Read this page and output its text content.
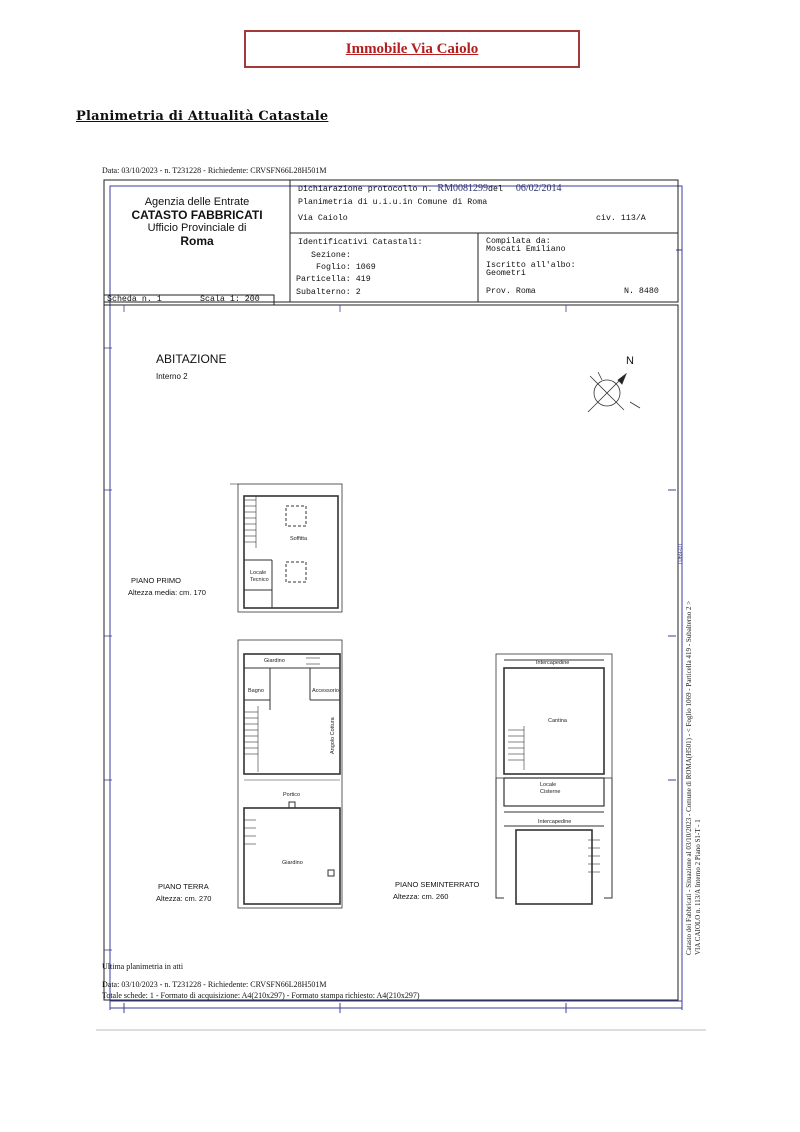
Immobile Via Caiolo
Planimetria di Attualità Catastale
Data: 03/10/2023 - n. T231228 - Richiedente: CRVSFN66L28H501M
Soffitta
Locale
Tecnico
Giardino
Bagno	Accessorio
Angolo Cottura
Portico
Giardino
Intercapedine
Cantina
Locale
Cisterne
Intercapedine
1069-01
Catasto dei Fabbricati - Situazione al 03/10/2023 - Comune di ROMA(H501) - < Foglio 1069 - Particella 419 - Subalterno 2 > VIA CAIOLO n. 113/A Interno 2 Piano S1-T - 1
Agenzia delle Entrate
CATASTO FABBRICATI
Ufficio Provinciale di
Roma
Dichiarazione protocollo n. RM0081299del 06/02/2014
Planimetria di u.i.u.in Comune di Roma
Via Caiolo	civ. 113/A
Identificativi Catastali:
Sezione:
Foglio: 1069
Particella: 419
Subalterno: 2
Compilata da:
Moscati Emiliano
Iscritto all'albo:
Geometri
Prov. Roma	N. 8480
Scheda n. 1	Scala 1: 200
ABITAZIONE
Interno 2
N
PIANO PRIMO
Altezza media: cm. 170
PIANO TERRA
Altezza: cm. 270
PIANO SEMINTERRATO
Altezza: cm. 260
Ultima planimetria in atti
Data: 03/10/2023 - n. T231228 - Richiedente: CRVSFN66L28H501M
Totale schede: 1 - Formato di acquisizione: A4(210x297) - Formato stampa richiesto: A4(210x297)
